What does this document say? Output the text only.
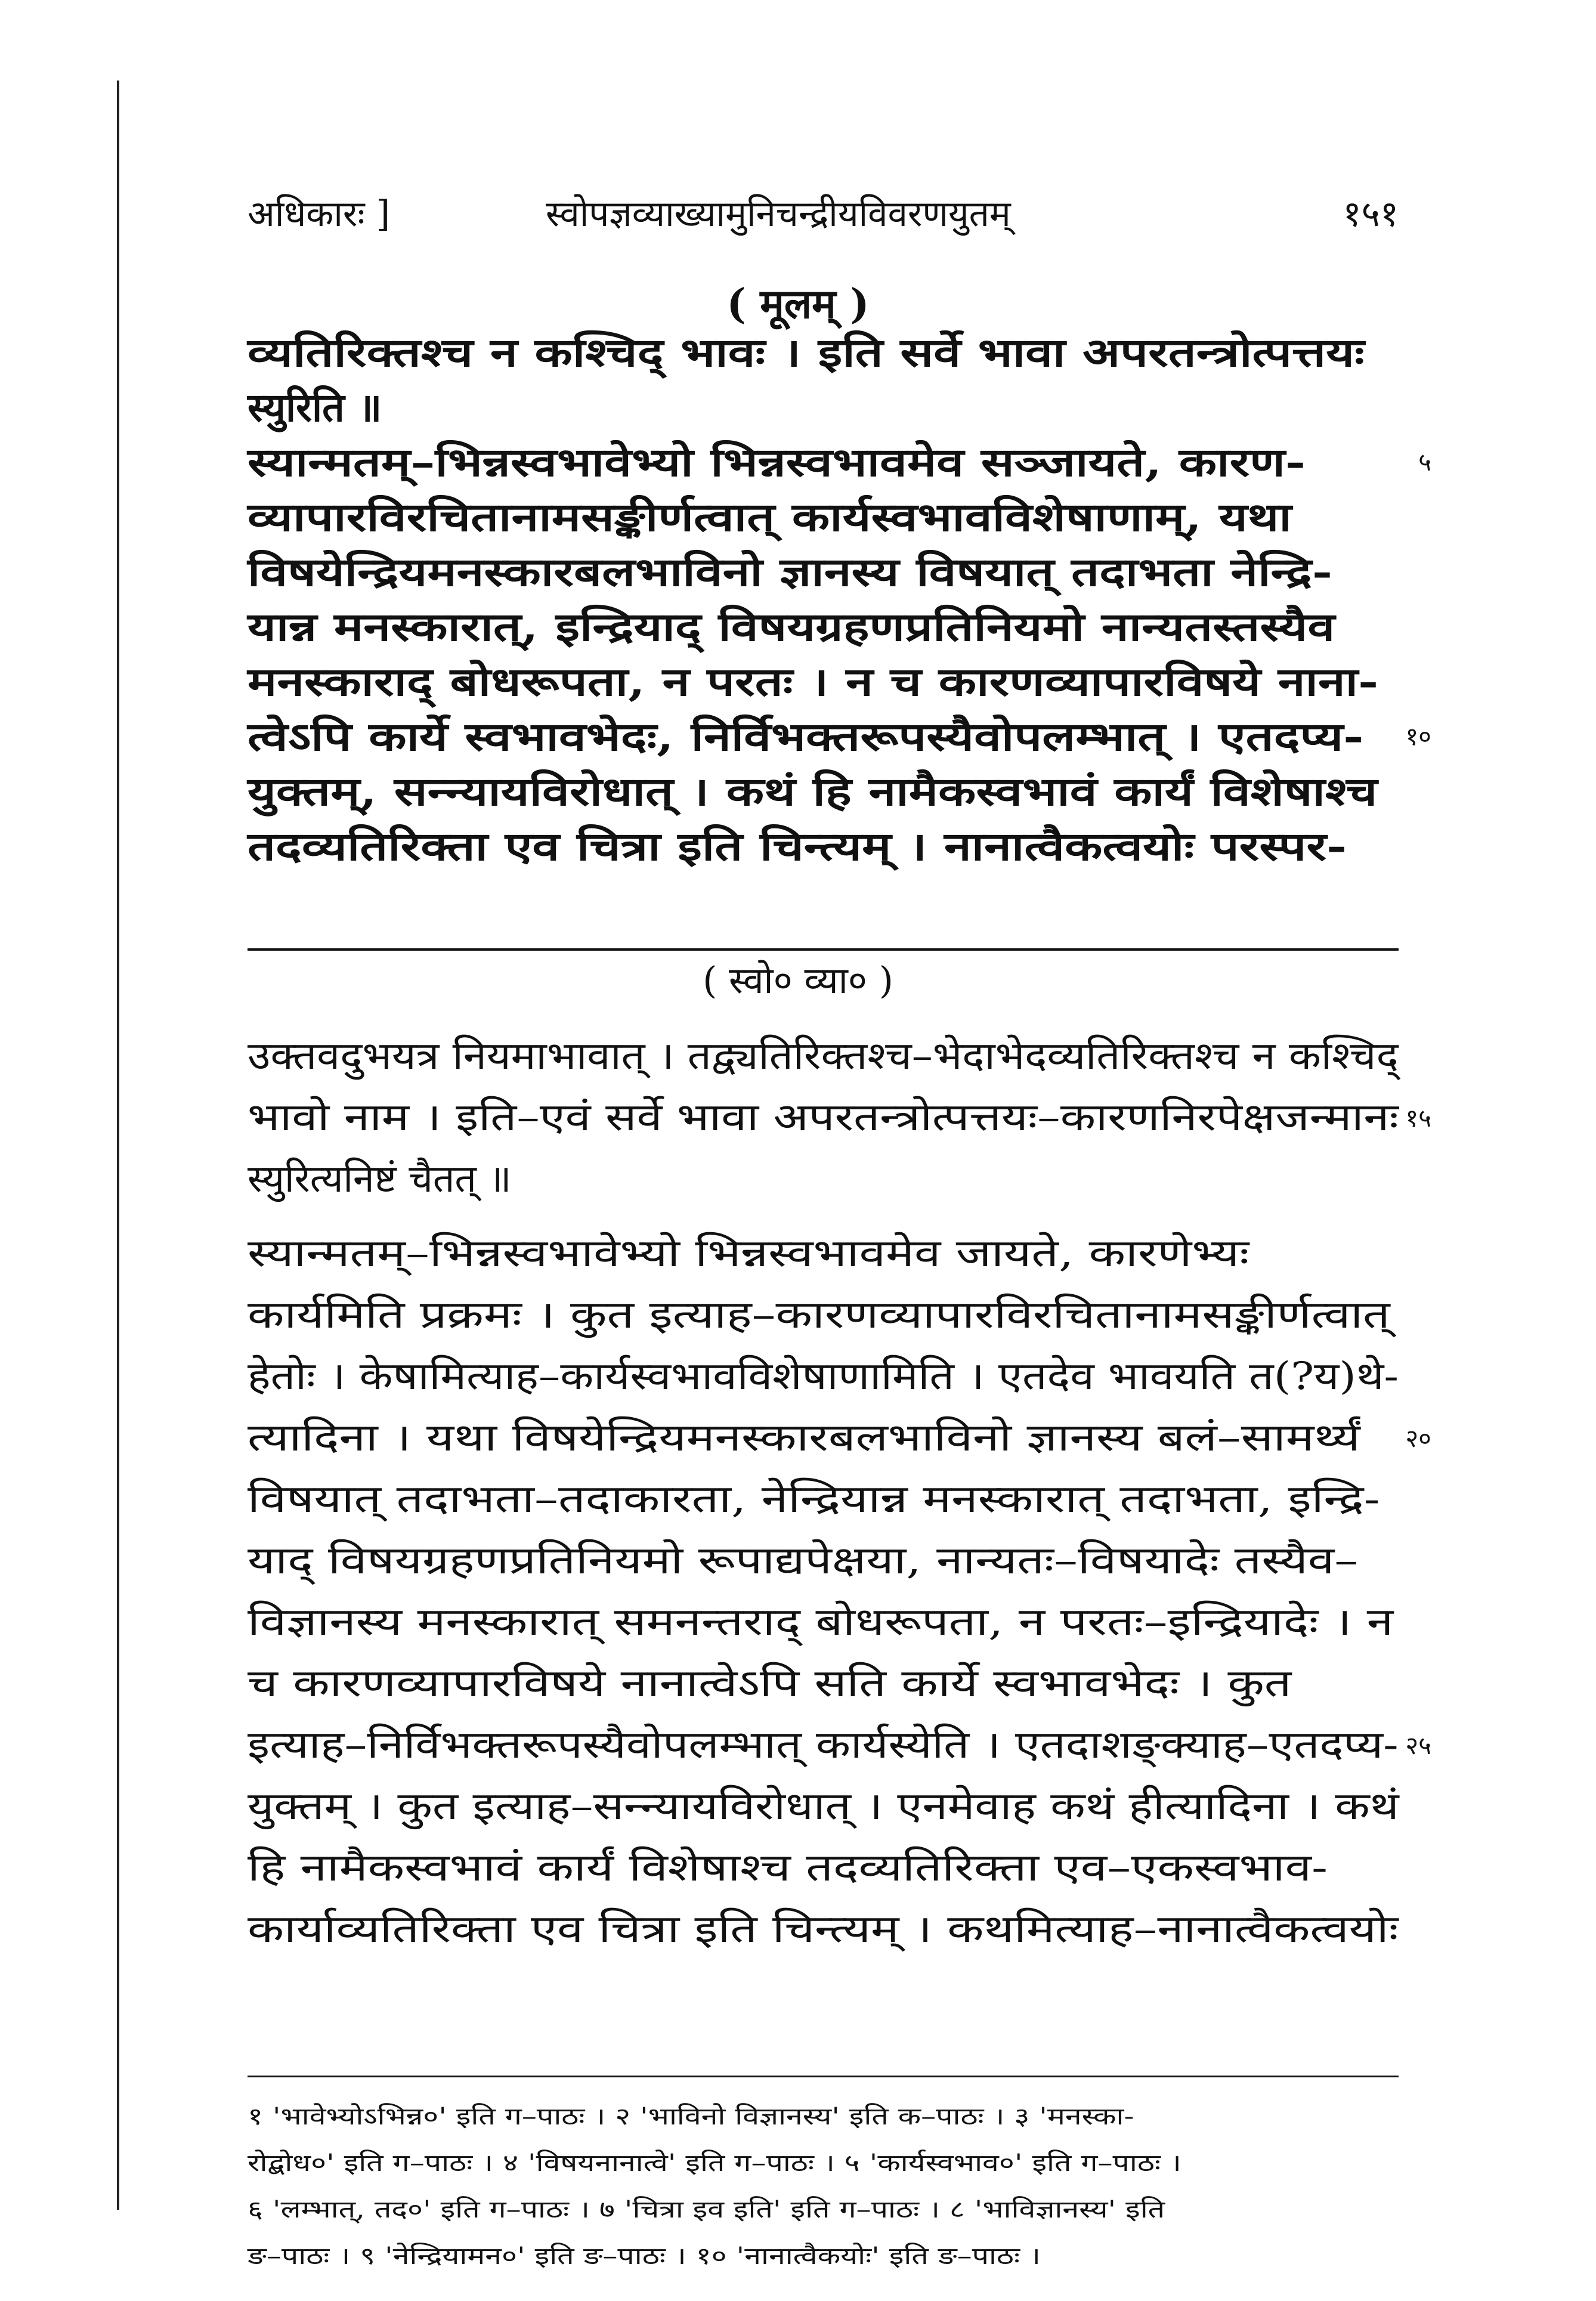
अधिकारः ]	स्वोपज्ञव्याख्यामुनिचन्द्रीयविवरणयुतम्	१५१
( मूलम् )
व्यतिरिक्तश्च न कश्चिद् भावः । इति सर्वे भावा अपरतन्त्रोत्पत्तयः
स्युरिति ॥
स्यान्मतम्–भिन्नस्वभावेभ्यो भिन्नस्वभावमेव सञ्जायते, कारण-	५
व्यापारविरचितानामसङ्कीर्णत्वात् कार्यस्वभावविशेषाणाम्, यथा
विषयेन्द्रियमनस्कारबलभाविनो ज्ञानस्य विषयात् तदाभता नेन्द्रि-
यान्न मनस्कारात्, इन्द्रियाद् विषयग्रहणप्रतिनियमो नान्यतस्तस्यैव
मनस्काराद् बोधरूपता, न परतः । न च कारणव्यापारविषये नाना-
त्वेऽपि कार्ये स्वभावभेदः, निर्विभक्तरूपस्यैवोपलम्भात् । एतदप्य- १०
युक्तम्, सन्न्यायविरोधात् । कथं हि नामैकस्वभावं कार्यं विशेषाश्च
तदव्यतिरिक्ता एव चित्रा इति चिन्त्यम् । नानात्वैकत्वयोः परस्पर-
( स्वो० व्या० )
उक्तवदुभयत्र नियमाभावात् । तद्व्यतिरिक्तश्च–भेदाभेदव्यतिरिक्तश्च न कश्चिद्
भावो नाम । इति–एवं सर्वे भावा अपरतन्त्रोत्पत्तयः–कारणनिरपेक्षजन्मानः १५
स्युरित्यनिष्टं चैतत् ॥
स्यान्मतम्–भिन्नस्वभावेभ्यो भिन्नस्वभावमेव जायते, कारणेभ्यः
कार्यमिति प्रक्रमः । कुत इत्याह–कारणव्यापारविरचितानामसङ्कीर्णत्वात्
हेतोः । केषामित्याह–कार्यस्वभावविशेषाणामिति । एतदेव भावयति त(?य)थे-
त्यादिना । यथा विषयेन्द्रियमनस्कारबलभाविनो ज्ञानस्य बलं–सामर्थ्यं २०
विषयात् तदाभता–तदाकारता, नेन्द्रियान्न मनस्कारात् तदाभता, इन्द्रि-
याद् विषयग्रहणप्रतिनियमो रूपाद्यपेक्षया, नान्यतः–विषयादेः तस्यैव–
विज्ञानस्य मनस्कारात् समनन्तराद् बोधरूपता, न परतः–इन्द्रियादेः । न
च कारणव्यापारविषये नानात्वेऽपि सति कार्ये स्वभावभेदः । कुत
इत्याह–निर्विभक्तरूपस्यैवोपलम्भात् कार्यस्येति । एतदाशङ्क्याह–एतदप्य- २५
युक्तम् । कुत इत्याह–सन्न्यायविरोधात् । एनमेवाह कथं हीत्यादिना । कथं
हि नामैकस्वभावं कार्यं विशेषाश्च तदव्यतिरिक्ता एव–एकस्वभाव-
कार्याव्यतिरिक्ता एव चित्रा इति चिन्त्यम् । कथमित्याह–नानात्वैकत्वयोः
१ 'भावेभ्योऽभिन्न०' इति ग–पाठः । २ 'भाविनो विज्ञानस्य' इति क–पाठः । ३ 'मनस्का-रोद्बोध०' इति ग–पाठः । ४ 'विषयनानात्वे' इति ग–पाठः । ५ 'कार्यस्वभाव०' इति ग–पाठः ।६ 'लम्भात्, तद०' इति ग–पाठः । ७ 'चित्रा इव इति' इति ग–पाठः । ८ 'भाविज्ञानस्य' इतिङ–पाठः । ९ 'नेन्द्रियामन०' इति ङ–पाठः । १० 'नानात्वैकयोः' इति ङ–पाठः ।
